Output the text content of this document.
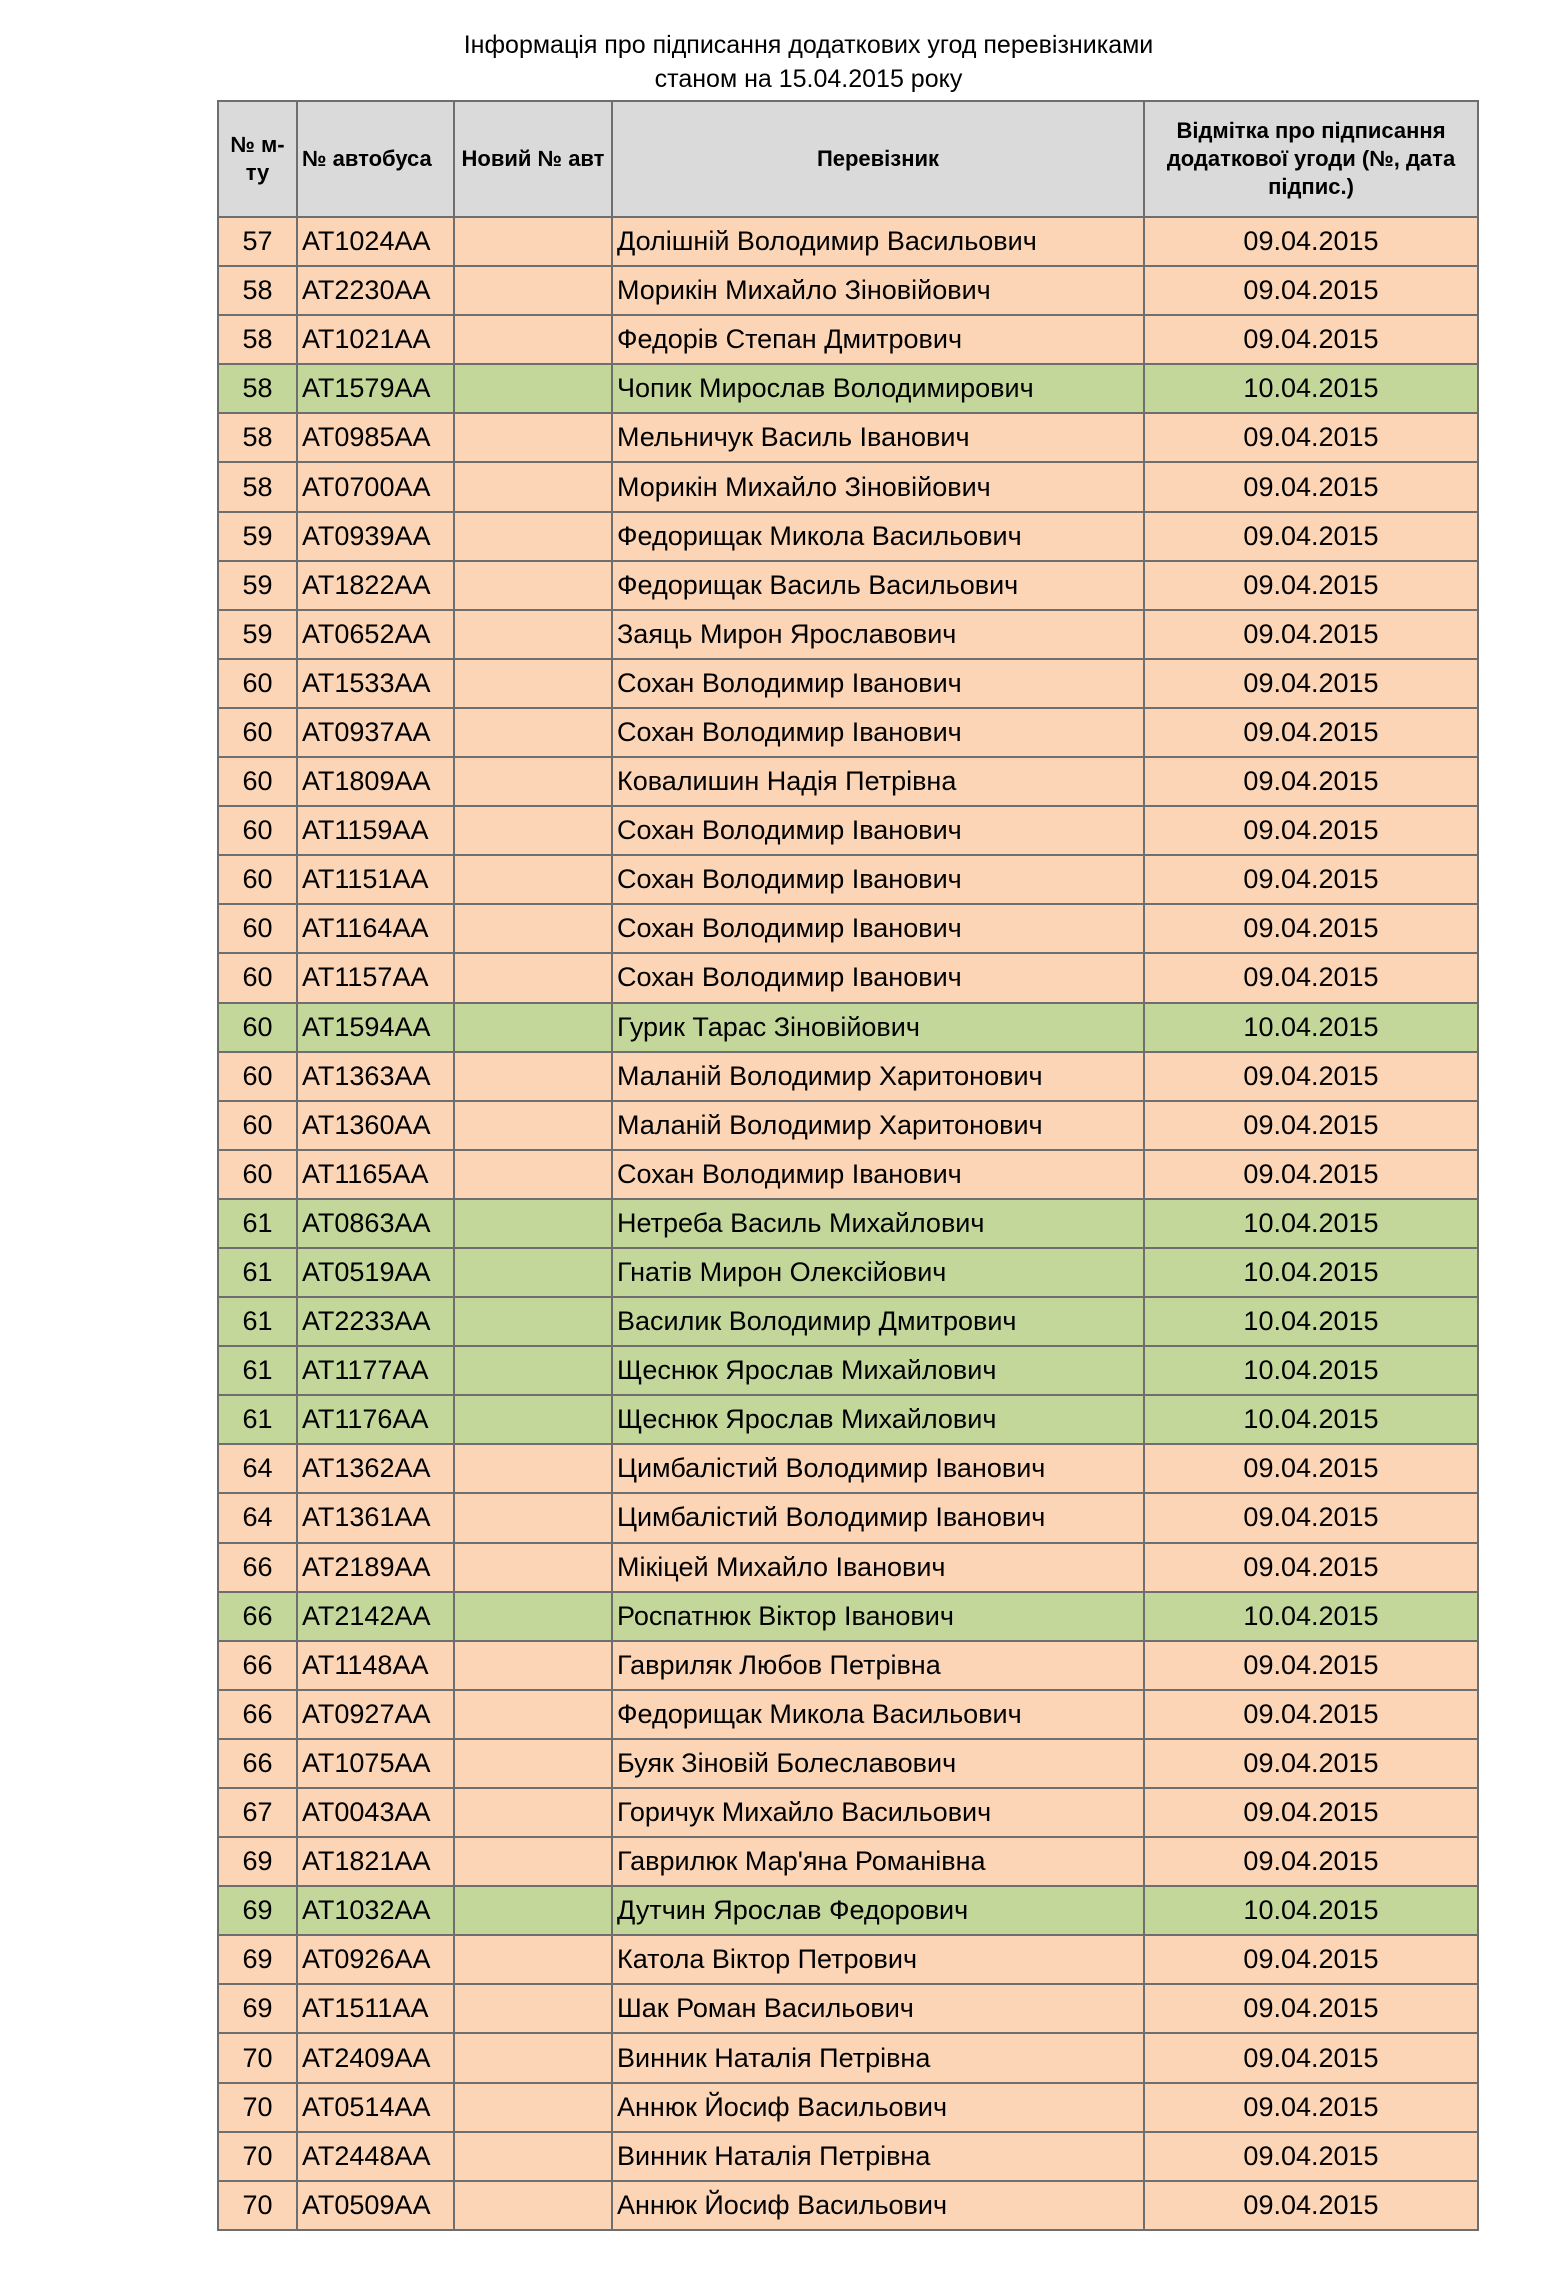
Інформація про підписання додаткових угод перевізниками
станом на 15.04.2015 року
№ м-ту	№ автобуса	Новий № авт	Перевізник	Відмітка про підписання додаткової угоди (№, дата підпис.)
57	АТ1024АА		Долішній Володимир Васильович	09.04.2015
58	АТ2230АА		Морикін Михайло Зіновійович	09.04.2015
58	АТ1021АА		Федорів Степан Дмитрович	09.04.2015
58	АТ1579АА		Чопик Мирослав Володимирович	10.04.2015
58	АТ0985АА		Мельничук Василь Іванович	09.04.2015
58	АТ0700АА		Морикін Михайло Зіновійович	09.04.2015
59	АТ0939АА		Федорищак Микола Васильович	09.04.2015
59	АТ1822АА		Федорищак Василь Васильович	09.04.2015
59	АТ0652АА		Заяць Мирон Ярославович	09.04.2015
60	АТ1533АА		Сохан Володимир Іванович	09.04.2015
60	АТ0937АА		Сохан Володимир Іванович	09.04.2015
60	АТ1809АА		Ковалишин Надія Петрівна	09.04.2015
60	АТ1159АА		Сохан Володимир Іванович	09.04.2015
60	АТ1151АА		Сохан Володимир Іванович	09.04.2015
60	АТ1164АА		Сохан Володимир Іванович	09.04.2015
60	АТ1157АА		Сохан Володимир Іванович	09.04.2015
60	АТ1594АА		Гурик Тарас Зіновійович	10.04.2015
60	АТ1363АА		Маланій Володимир Харитонович	09.04.2015
60	АТ1360АА		Маланій Володимир Харитонович	09.04.2015
60	АТ1165АА		Сохан Володимир Іванович	09.04.2015
61	АТ0863АА		Нетреба Василь Михайлович	10.04.2015
61	АТ0519АА		Гнатів Мирон Олексійович	10.04.2015
61	АТ2233АА		Василик Володимир Дмитрович	10.04.2015
61	АТ1177АА		Щеснюк Ярослав Михайлович	10.04.2015
61	АТ1176АА		Щеснюк Ярослав Михайлович	10.04.2015
64	АТ1362АА		Цимбалістий Володимир Іванович	09.04.2015
64	АТ1361АА		Цимбалістий Володимир Іванович	09.04.2015
66	АТ2189АА		Мікіцей Михайло Іванович	09.04.2015
66	АТ2142АА		Роспатнюк Віктор Іванович	10.04.2015
66	АТ1148АА		Гавриляк Любов Петрівна	09.04.2015
66	АТ0927АА		Федорищак Микола Васильович	09.04.2015
66	АТ1075АА		Буяк Зіновій Болеславович	09.04.2015
67	АТ0043АА		Горичук Михайло Васильович	09.04.2015
69	АТ1821АА		Гаврилюк Мар'яна Романівна	09.04.2015
69	АТ1032АА		Дутчин Ярослав Федорович	10.04.2015
69	АТ0926АА		Катола Віктор Петрович	09.04.2015
69	АТ1511АА		Шак Роман Васильович	09.04.2015
70	АТ2409АА		Винник Наталія Петрівна	09.04.2015
70	АТ0514АА		Аннюк Йосиф Васильович	09.04.2015
70	АТ2448АА		Винник Наталія Петрівна	09.04.2015
70	АТ0509АА		Аннюк Йосиф Васильович	09.04.2015
